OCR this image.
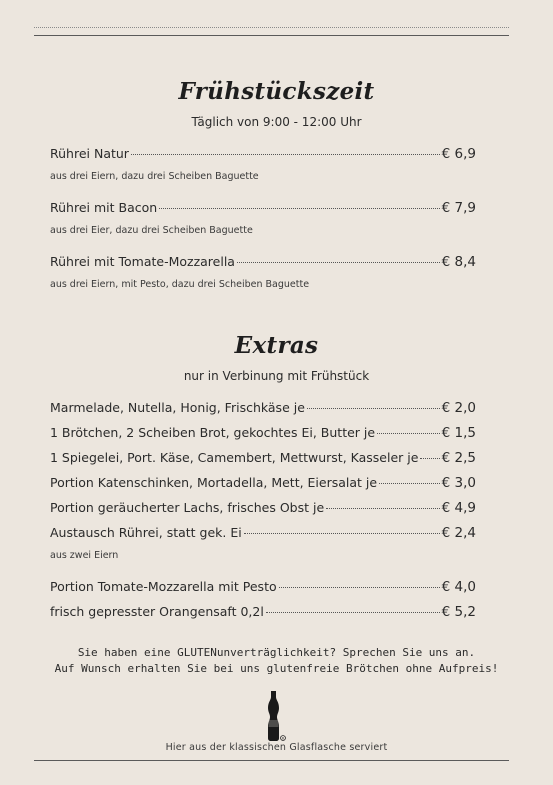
Frühstückszeit
Täglich von 9:00 - 12:00 Uhr
Rührei Natur	€ 6,9
aus drei Eiern, dazu drei Scheiben Baguette
Rührei mit Bacon	€ 7,9
aus drei Eier, dazu drei Scheiben Baguette
Rührei mit Tomate-Mozzarella	€ 8,4
aus drei Eiern, mit Pesto, dazu drei Scheiben Baguette
Extras
nur in Verbinung mit Frühstück
Marmelade, Nutella, Honig, Frischkäse je	€ 2,0
1 Brötchen, 2 Scheiben Brot, gekochtes Ei, Butter je	€ 1,5
1 Spiegelei, Port. Käse, Camembert, Mettwurst, Kasseler je € 2,5
Portion Katenschinken, Mortadella, Mett, Eiersalat je	€ 3,0
Portion geräucherter Lachs, frisches Obst je	€ 4,9
Austausch Rührei, statt gek. Ei	€ 2,4
aus zwei Eiern
Portion Tomate-Mozzarella mit Pesto	€ 4,0
frisch gepresster Orangensaft 0,2l	€ 5,2
Sie haben eine GLUTENunverträglichkeit? Sprechen Sie uns an.
Auf Wunsch erhalten Sie bei uns glutenfreie Brötchen ohne Aufpreis!
R
Hier aus der klassischen Glasflasche serviert
